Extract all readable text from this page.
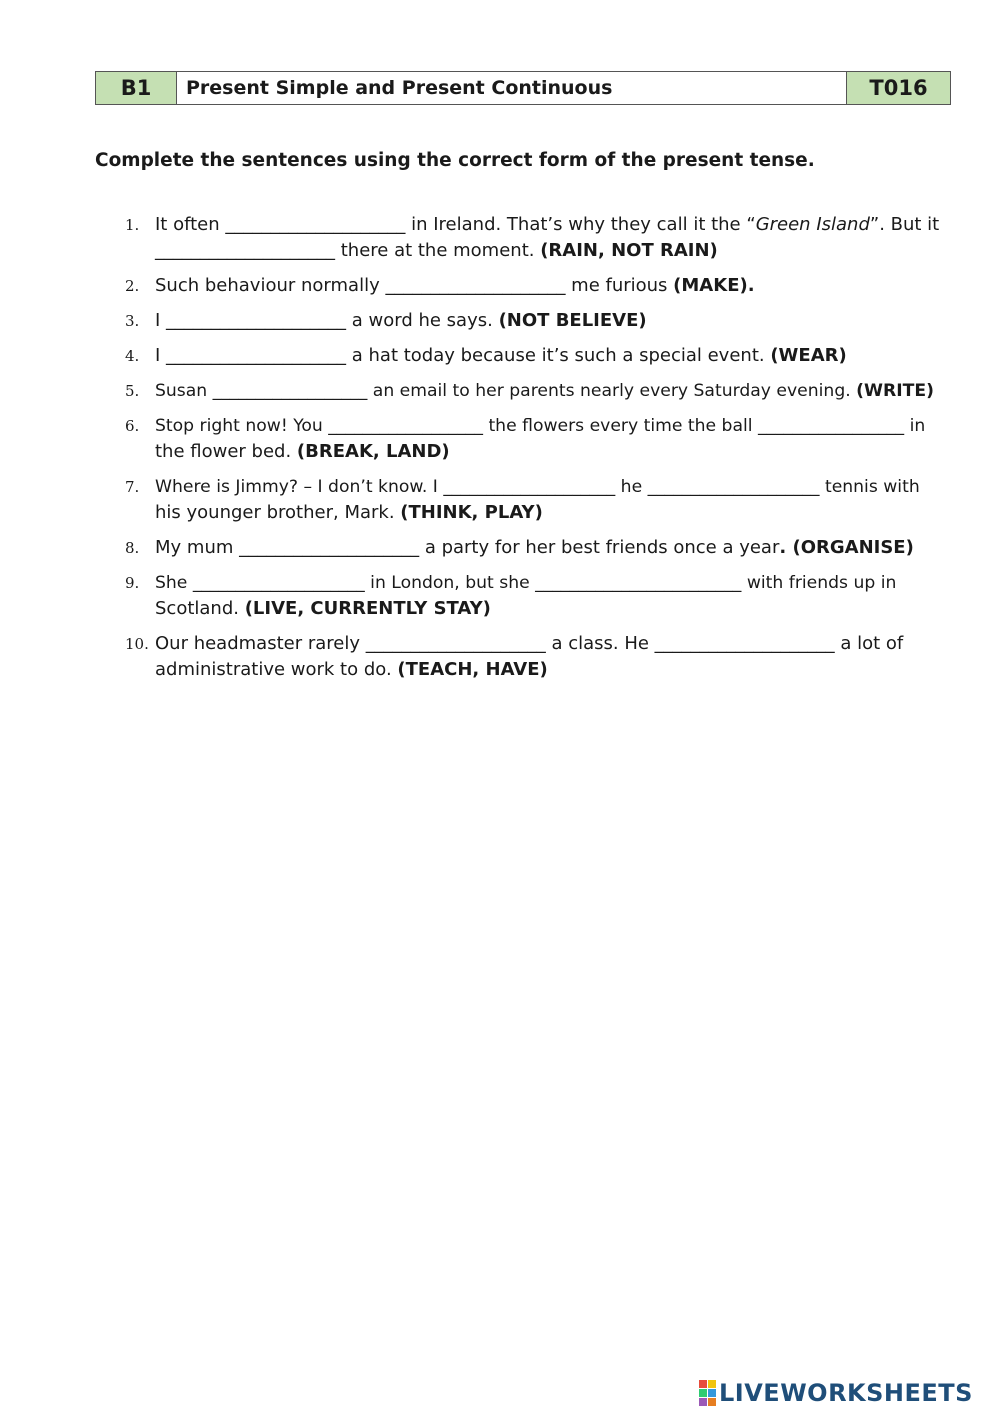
B1	Present Simple and Present Continuous	T016
Complete the sentences using the correct form of the present tense.
1. It often ____________________ in Ireland. That’s why they call it the “Green Island”. But it
____________________ there at the moment. (RAIN, NOT RAIN)
2. Such behaviour normally ____________________ me furious (MAKE).
3. I ____________________ a word he says. (NOT BELIEVE)
4. I ____________________ a hat today because it’s such a special event. (WEAR)
5. Susan __________________ an email to her parents nearly every Saturday evening. (WRITE)
6. Stop right now! You __________________ the flowers every time the ball _________________ in
the flower bed. (BREAK, LAND)
7. Where is Jimmy? – I don’t know. I ____________________ he ____________________ tennis with
his younger brother, Mark. (THINK, PLAY)
8. My mum ____________________ a party for her best friends once a year. (ORGANISE)
9. She ____________________ in London, but she ________________________ with friends up in
Scotland. (LIVE, CURRENTLY STAY)
10. Our headmaster rarely ____________________ a class. He ____________________ a lot of
administrative work to do. (TEACH, HAVE)
LIVEWORKSHEETS
